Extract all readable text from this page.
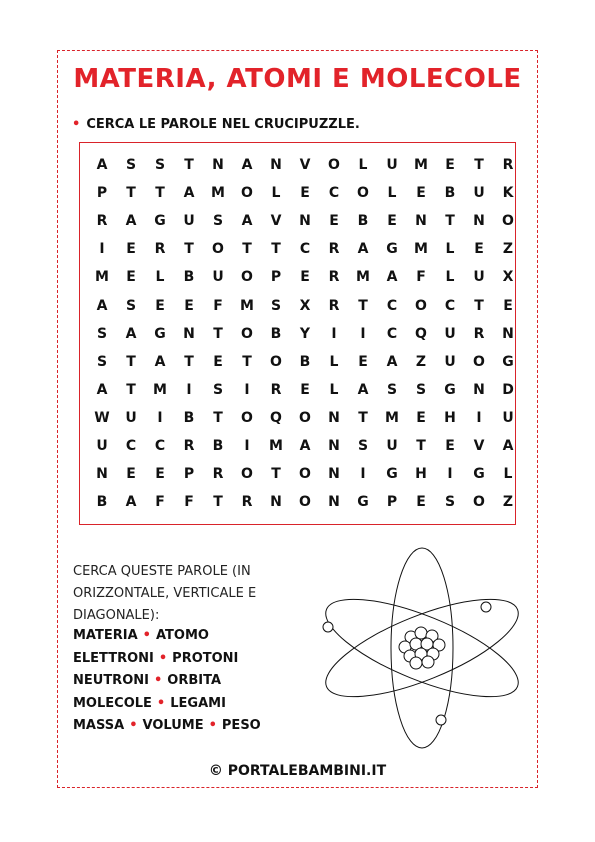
MATERIA, ATOMI E MOLECOLE
• CERCA LE PAROLE NEL CRUCIPUZZLE.
A	S	S	T	N	A	N	V	O	L	U	M	E	T	R
P	T	T	A	M	O	L	E	C	O	L	E	B	U	K
R	A	G	U	S	A	V	N	E	B	E	N	T	N	O
I	E	R	T	O	T	T	C	R	A	G	M	L	E	Z
M	E	L	B	U	O	P	E	R	M	A	F	L	U	X
A	S	E	E	F	M	S	X	R	T	C	O	C	T	E
S	A	G	N	T	O	B	Y	I	I	C	Q	U	R	N
S	T	A	T	E	T	O	B	L	E	A	Z	U	O	G
A	T	M	I	S	I	R	E	L	A	S	S	G	N	D
W	U	I	B	T	O	Q	O	N	T	M	E	H	I	U
U	C	C	R	B	I	M	A	N	S	U	T	E	V	A
N	E	E	P	R	O	T	O	N	I	G	H	I	G	L
B	A	F	F	T	R	N	O	N	G	P	E	S	O	Z
CERCA QUESTE PAROLE (IN ORIZZONTALE, VERTICALE E DIAGONALE):
MATERIA • ATOMO
ELETTRONI • PROTONI
NEUTRONI • ORBITA
MOLECOLE • LEGAMI
MASSA • VOLUME • PESO
© PORTALEBAMBINI.IT
